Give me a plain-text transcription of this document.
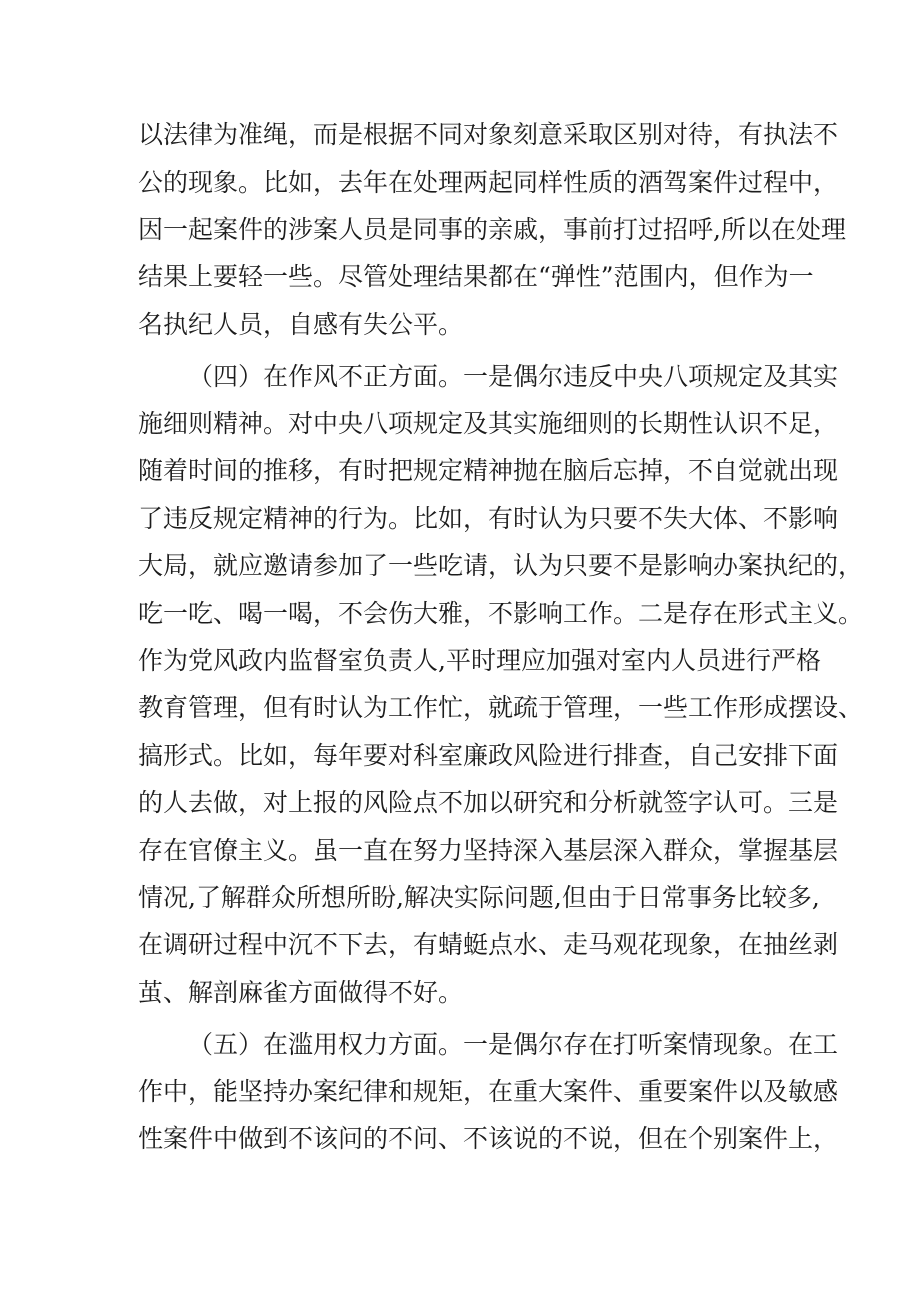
以法律为准绳，而是根据不同对象刻意采取区别对待，有执法不
公的现象。比如，去年在处理两起同样性质的酒驾案件过程中，
因一起案件的涉案人员是同事的亲戚，事前打过招呼,所以在处理
结果上要轻一些。尽管处理结果都在“弹性”范围内，但作为一
名执纪人员，自感有失公平。
（四）在作风不正方面。一是偶尔违反中央八项规定及其实
施细则精神。对中央八项规定及其实施细则的长期性认识不足，
随着时间的推移，有时把规定精神抛在脑后忘掉，不自觉就出现
了违反规定精神的行为。比如，有时认为只要不失大体、不影响
大局，就应邀请参加了一些吃请，认为只要不是影响办案执纪的，
吃一吃、喝一喝，不会伤大雅，不影响工作。二是存在形式主义。
作为党风政内监督室负责人,平时理应加强对室内人员进行严格
教育管理，但有时认为工作忙，就疏于管理，一些工作形成摆设、
搞形式。比如，每年要对科室廉政风险进行排查，自己安排下面
的人去做，对上报的风险点不加以研究和分析就签字认可。三是
存在官僚主义。虽一直在努力坚持深入基层深入群众，掌握基层
情况,了解群众所想所盼,解决实际问题,但由于日常事务比较多,
在调研过程中沉不下去，有蜻蜓点水、走马观花现象，在抽丝剥
茧、解剖麻雀方面做得不好。
（五）在滥用权力方面。一是偶尔存在打听案情现象。在工
作中，能坚持办案纪律和规矩，在重大案件、重要案件以及敏感
性案件中做到不该问的不问、不该说的不说，但在个别案件上，
